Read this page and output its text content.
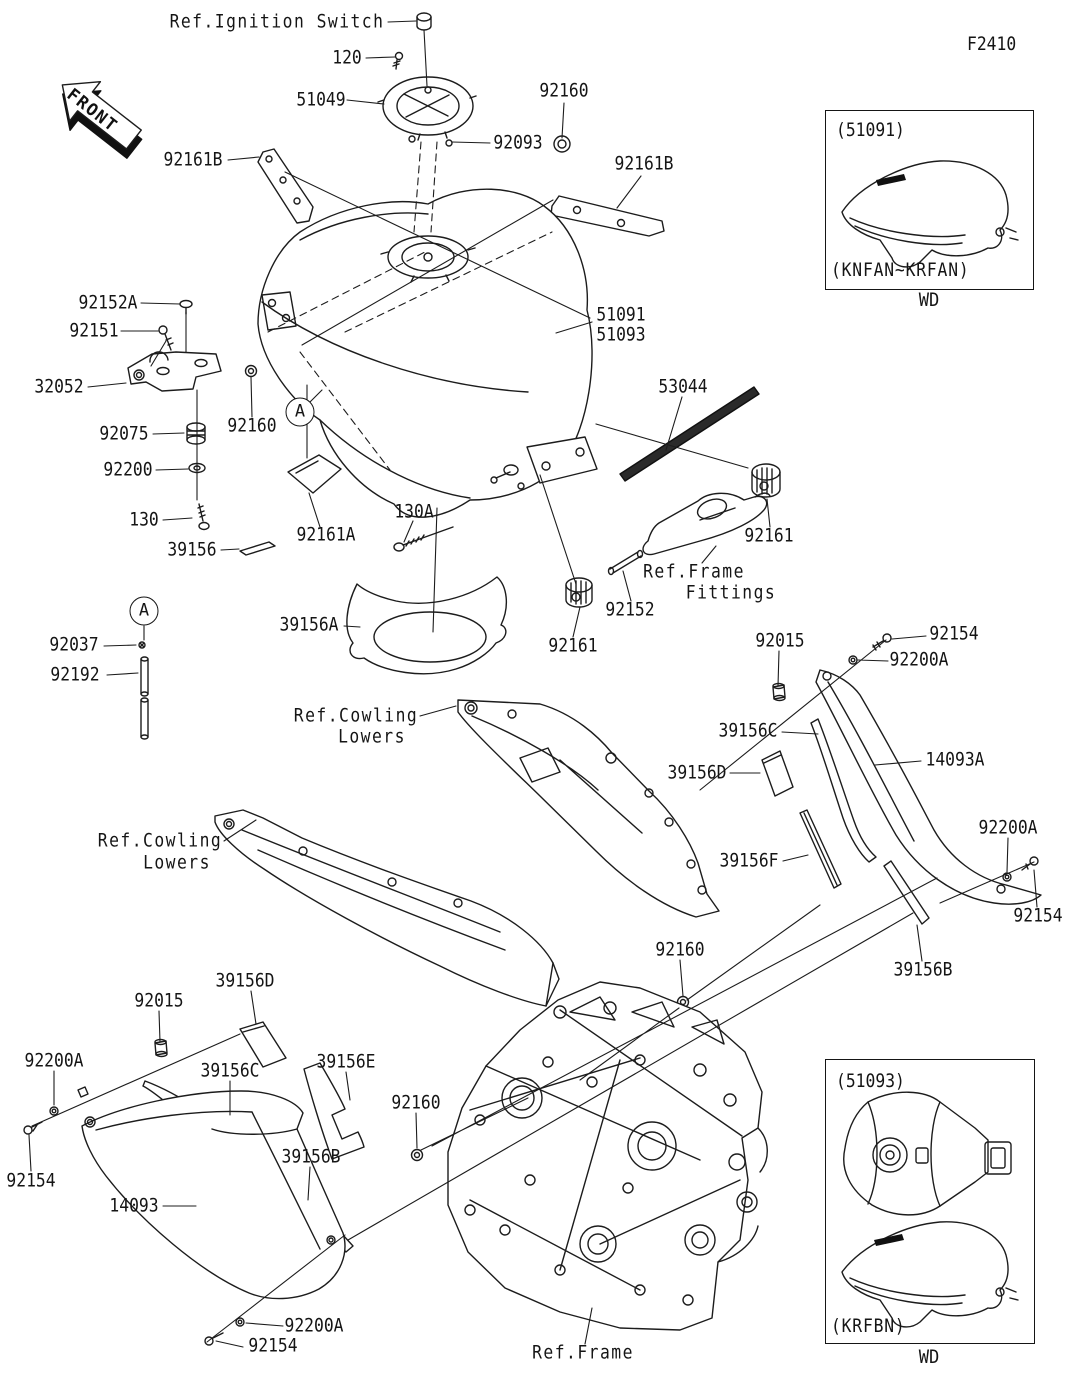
FRONT	(51091)
(KNFAN~KRFAN)
WD
(51093)
(KRFBN)
WD
F2410
Ref.Ignition Switch
120
51049	92160
92093
92161B	92161B
92152A
92151
32052
51091
51093
53044
92160
92075
92200
130
39156
92161A
130A
92161
Ref.Frame
Fittings
92152
92161
39156A
92037
92192
92015	92154
92200A
Ref.Cowling
Lowers	39156C
39156D
14093A
92200A
39156F
92154
Ref.Cowling
Lowers
92160
39156B
39156D
92015
92200A	39156C	39156E
92160
92154
14093
39156B
92200A
92154	Ref.Frame
A
A
